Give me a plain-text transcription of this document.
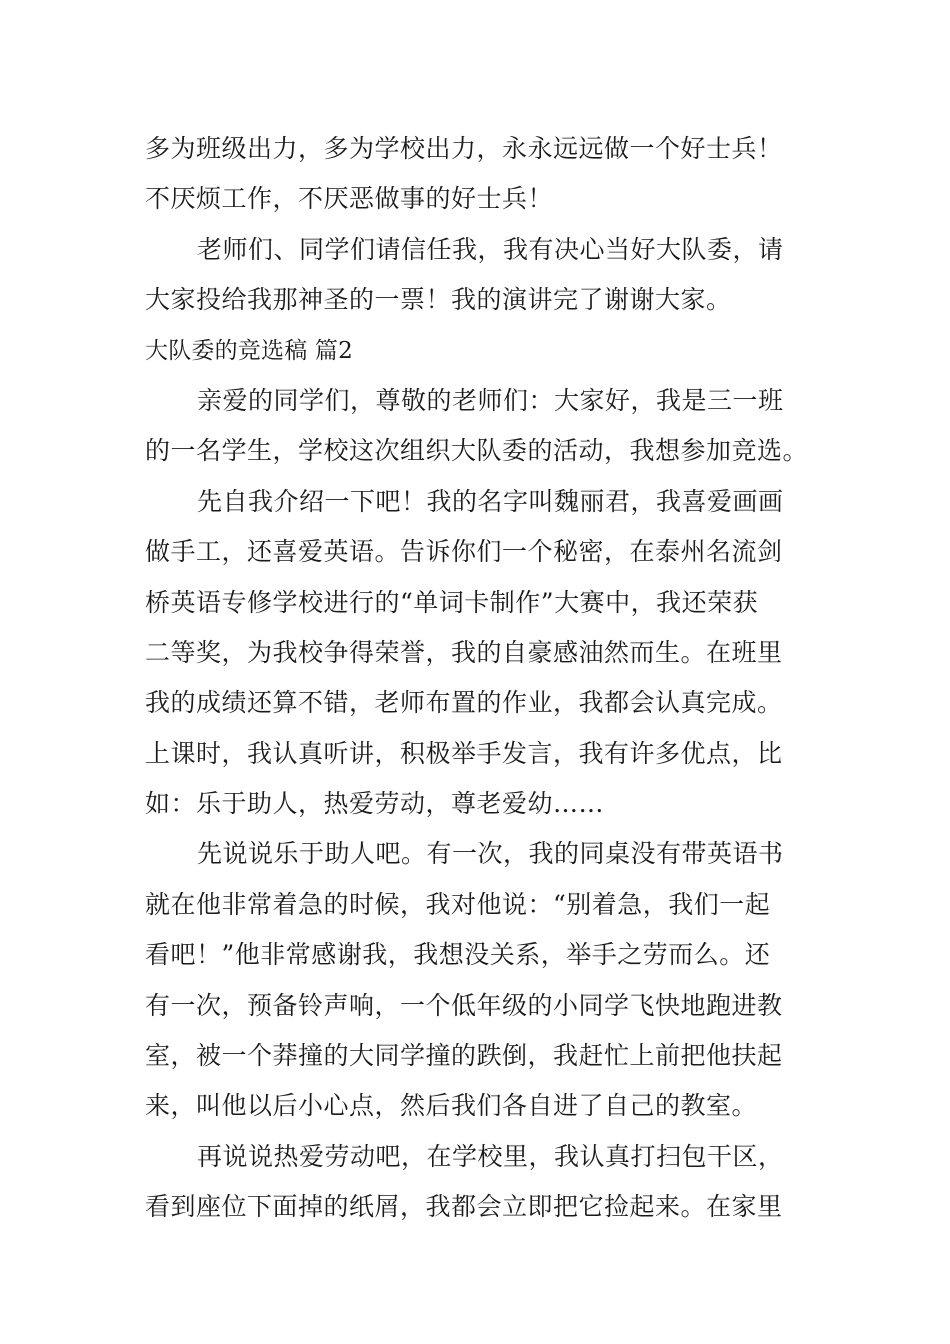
多为班级出力，多为学校出力，永永远远做一个好士兵！
不厌烦工作，不厌恶做事的好士兵！
老师们、同学们请信任我，我有决心当好大队委，请
大家投给我那神圣的一票！我的演讲完了谢谢大家。
大队委的竞选稿 篇2
亲爱的同学们，尊敬的老师们：大家好，我是三一班
的一名学生，学校这次组织大队委的活动，我想参加竞选。
先自我介绍一下吧！我的名字叫魏丽君，我喜爱画画
做手工，还喜爱英语。告诉你们一个秘密，在泰州名流剑
桥英语专修学校进行的“单词卡制作”大赛中，我还荣获
二等奖，为我校争得荣誉，我的自豪感油然而生。在班里
我的成绩还算不错，老师布置的作业，我都会认真完成。
上课时，我认真听讲，积极举手发言，我有许多优点，比
如：乐于助人，热爱劳动，尊老爱幼……
先说说乐于助人吧。有一次，我的同桌没有带英语书
就在他非常着急的时候，我对他说：“别着急，我们一起
看吧！”他非常感谢我，我想没关系，举手之劳而么。还
有一次，预备铃声响，一个低年级的小同学飞快地跑进教
室，被一个莽撞的大同学撞的跌倒，我赶忙上前把他扶起
来，叫他以后小心点，然后我们各自进了自己的教室。
再说说热爱劳动吧，在学校里，我认真打扫包干区，
看到座位下面掉的纸屑，我都会立即把它捡起来。在家里
